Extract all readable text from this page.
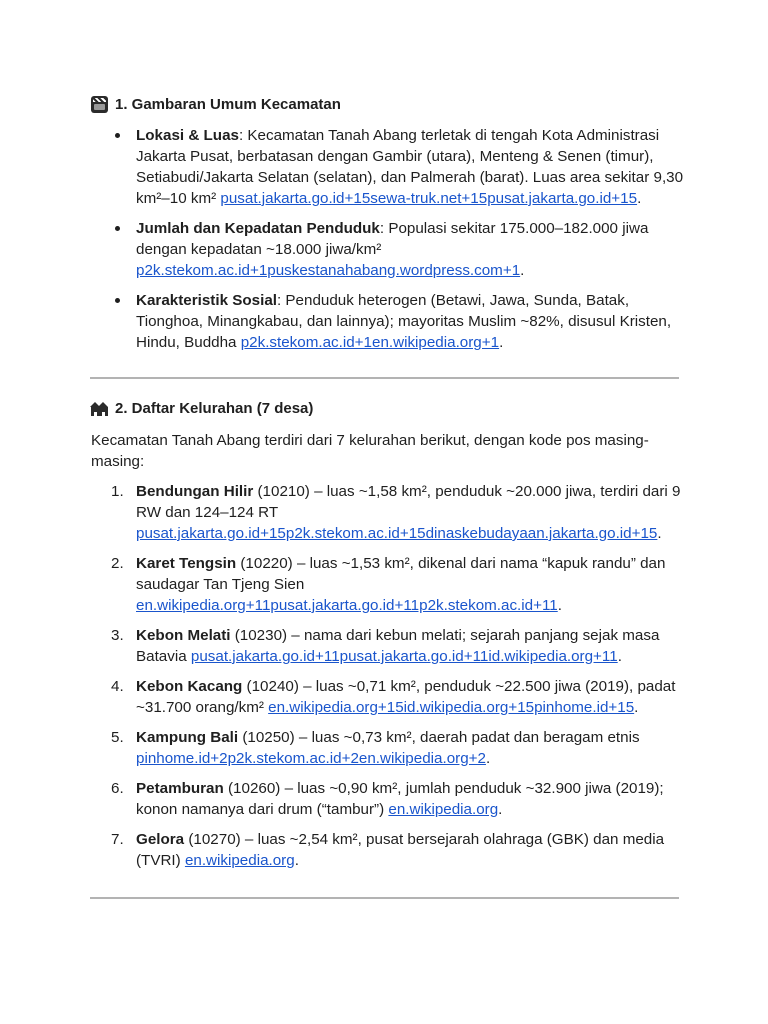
1. Gambaran Umum Kecamatan
Lokasi & Luas: Kecamatan Tanah Abang terletak di tengah Kota Administrasi Jakarta Pusat, berbatasan dengan Gambir (utara), Menteng & Senen (timur), Setiabudi/Jakarta Selatan (selatan), dan Palmerah (barat). Luas area sekitar 9,30 km²–10 km² pusat.jakarta.go.id+15sewa-truk.net+15pusat.jakarta.go.id+15.
Jumlah dan Kepadatan Penduduk: Populasi sekitar 175.000–182.000 jiwa dengan kepadatan ~18.000 jiwa/km² p2k.stekom.ac.id+1puskestanahabang.wordpress.com+1.
Karakteristik Sosial: Penduduk heterogen (Betawi, Jawa, Sunda, Batak, Tionghoa, Minangkabau, dan lainnya); mayoritas Muslim ~82%, disusul Kristen, Hindu, Buddha p2k.stekom.ac.id+1en.wikipedia.org+1.
2. Daftar Kelurahan (7 desa)
Kecamatan Tanah Abang terdiri dari 7 kelurahan berikut, dengan kode pos masing-masing:
1. Bendungan Hilir (10210) – luas ~1,58 km², penduduk ~20.000 jiwa, terdiri dari 9 RW dan 124–124 RT pusat.jakarta.go.id+15p2k.stekom.ac.id+15dinaskebudayaan.jakarta.go.id+15.
2. Karet Tengsin (10220) – luas ~1,53 km², dikenal dari nama “kapuk randu” dan saudagar Tan Tjeng Sien en.wikipedia.org+11pusat.jakarta.go.id+11p2k.stekom.ac.id+11.
3. Kebon Melati (10230) – nama dari kebun melati; sejarah panjang sejak masa Batavia pusat.jakarta.go.id+11pusat.jakarta.go.id+11id.wikipedia.org+11.
4. Kebon Kacang (10240) – luas ~0,71 km², penduduk ~22.500 jiwa (2019), padat ~31.700 orang/km² en.wikipedia.org+15id.wikipedia.org+15pinhome.id+15.
5. Kampung Bali (10250) – luas ~0,73 km², daerah padat dan beragam etnis pinhome.id+2p2k.stekom.ac.id+2en.wikipedia.org+2.
6. Petamburan (10260) – luas ~0,90 km², jumlah penduduk ~32.900 jiwa (2019); konon namanya dari drum (“tambur”) en.wikipedia.org.
7. Gelora (10270) – luas ~2,54 km², pusat bersejarah olahraga (GBK) dan media (TVRI) en.wikipedia.org.
